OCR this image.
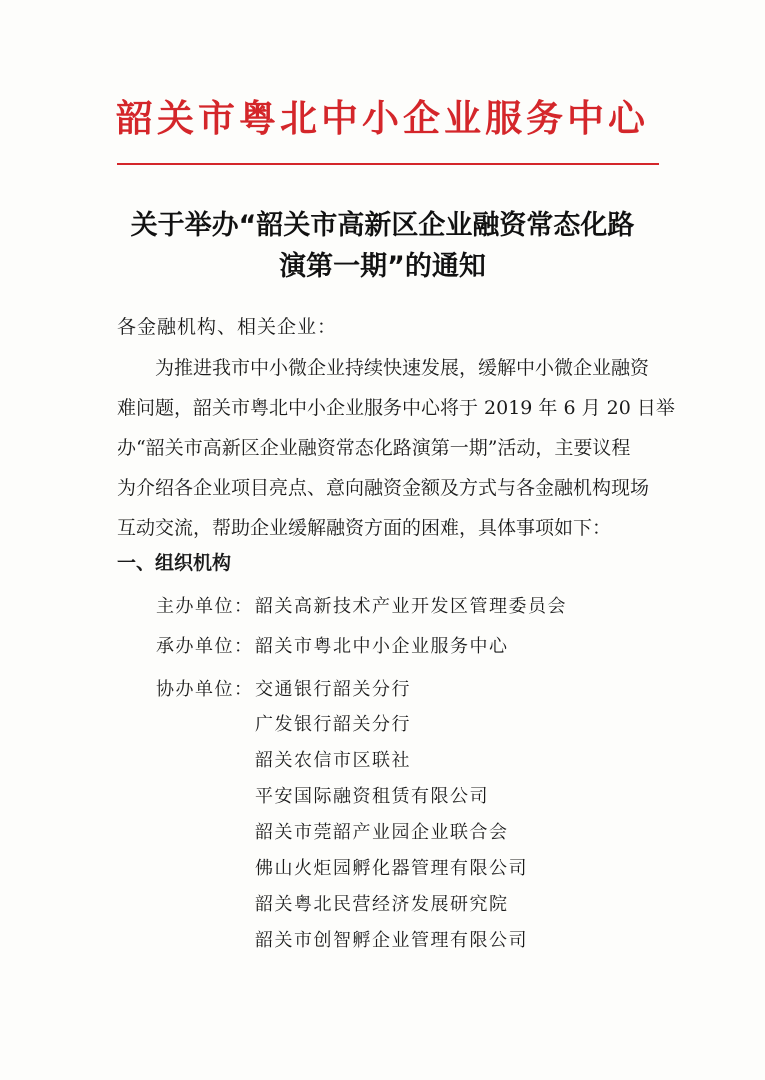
韶关市粤北中小企业服务中心
关于举办“韶关市高新区企业融资常态化路
演第一期”的通知
各金融机构、相关企业：
为推进我市中小微企业持续快速发展，缓解中小微企业融资
难问题，韶关市粤北中小企业服务中心将于 2019 年 6 月 20 日举
办“韶关市高新区企业融资常态化路演第一期”活动，主要议程
为介绍各企业项目亮点、意向融资金额及方式与各金融机构现场
互动交流，帮助企业缓解融资方面的困难，具体事项如下：
一、组织机构
主办单位：韶关高新技术产业开发区管理委员会
承办单位：韶关市粤北中小企业服务中心
协办单位：交通银行韶关分行
广发银行韶关分行
韶关农信市区联社
平安国际融资租赁有限公司
韶关市莞韶产业园企业联合会
佛山火炬园孵化器管理有限公司
韶关粤北民营经济发展研究院
韶关市创智孵企业管理有限公司
